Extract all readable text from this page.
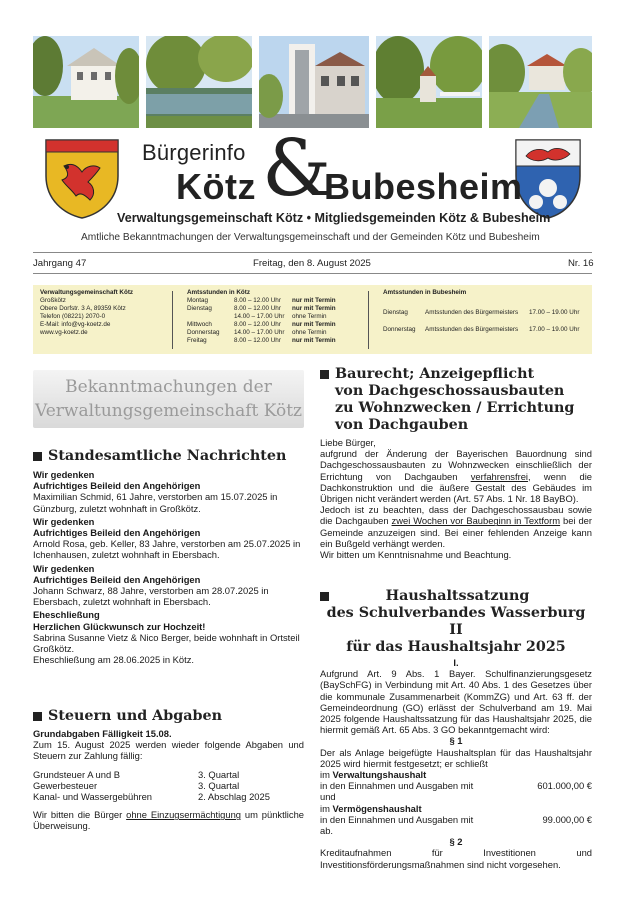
Bürgerinfo
Kötz &
Bubesheim
Verwaltungsgemeinschaft Kötz • Mitgliedsgemeinden Kötz & Bubesheim
Amtliche Bekanntmachungen der Verwaltungsgemeinschaft und der Gemeinden Kötz und Bubesheim
Jahrgang 47	Freitag, den 8. August 2025	Nr. 16
Verwaltungsgemeinschaft Kötz
Großkötz
Obere Dorfstr. 3 A, 89359 Kötz
Telefon (08221) 2070-0
E-Mail: info@vg-koetz.de
www.vg-koetz.de
Amtsstunden in Kötz
Montag	8.00 – 12.00 Uhr	nur mit Termin
Dienstag	8.00 – 12.00 Uhr	nur mit Termin
14.00 – 17.00 Uhr	ohne Termin
Mittwoch	8.00 – 12.00 Uhr	nur mit Termin
Donnerstag	14.00 – 17.00 Uhr	ohne Termin
Freitag	8.00 – 12.00 Uhr	nur mit Termin
Amtsstunden in Bubesheim
Dienstag	Amtsstunden des Bürgermeisters	17.00 – 19.00 Uhr
Donnerstag	Amtsstunden des Bürgermeisters	17.00 – 19.00 Uhr
Bekanntmachungen der
Verwaltungsgemeinschaft Kötz
Standesamtliche Nachrichten
Wir gedenken
Aufrichtiges Beileid den Angehörigen
Maximilian Schmid, 61 Jahre, verstorben am 15.07.2025 in Günzburg, zuletzt wohnhaft in Großkötz.
Wir gedenken
Aufrichtiges Beileid den Angehörigen
Arnold Rosa, geb. Keller, 83 Jahre, verstorben am 25.07.2025 in Ichenhausen, zuletzt wohnhaft in Ebersbach.
Wir gedenken
Aufrichtiges Beileid den Angehörigen
Johann Schwarz, 88 Jahre, verstorben am 28.07.2025 in Ebersbach, zuletzt wohnhaft in Ebersbach.
Eheschließung
Herzlichen Glückwunsch zur Hochzeit!
Sabrina Susanne Vietz & Nico Berger, beide wohnhaft in Ortsteil Großkötz.
Eheschließung am 28.06.2025 in Kötz.
Steuern und Abgaben
Grundabgaben Fälligkeit 15.08.
Zum 15. August 2025 werden wieder folgende Abgaben und Steuern zur Zahlung fällig:
Grundsteuer A und B	3. Quartal
Gewerbesteuer	3. Quartal
Kanal- und Wassergebühren	2. Abschlag 2025
Wir bitten die Bürger ohne Einzugsermächtigung um pünktliche Überweisung.
Baurecht; Anzeigepflicht
von Dachgeschossausbauten
zu Wohnzwecken / Errichtung
von Dachgauben
Liebe Bürger,
aufgrund der Änderung der Bayerischen Bauordnung sind Dachgeschossausbauten zu Wohnzwecken einschließlich der Errichtung von Dachgauben verfahrensfrei, wenn die Dachkonstruktion und die äußere Gestalt des Gebäudes im Übrigen nicht verändert werden (Art. 57 Abs. 1 Nr. 18 BayBO).
Jedoch ist zu beachten, dass der Dachgeschossausbau sowie die Dachgauben zwei Wochen vor Baubeginn in Textform bei der Gemeinde anzuzeigen sind. Bei einer fehlenden Anzeige kann ein Bußgeld verhängt werden.
Wir bitten um Kenntnisnahme und Beachtung.
Haushaltssatzung
des Schulverbandes Wasserburg II
für das Haushaltsjahr 2025
I.
Aufgrund Art. 9 Abs. 1 Bayer. Schulfinanzierungsgesetz (BaySchFG) in Verbindung mit Art. 40 Abs. 1 des Gesetzes über die kommunale Zusammenarbeit (KommZG) und Art. 63 ff. der Gemeindeordnung (GO) erlässt der Schulverband am 19. Mai 2025 folgende Haushaltssatzung für das Haushaltsjahr 2025, die hiermit gemäß Art. 65 Abs. 3 GO bekanntgemacht wird:
§ 1
Der als Anlage beigefügte Haushaltsplan für das Haushaltsjahr 2025 wird hiermit festgesetzt; er schließt
im Verwaltungshaushalt
in den Einnahmen und Ausgaben mit	601.000,00 €
und
im Vermögenshaushalt
in den Einnahmen und Ausgaben mit	99.000,00 €
ab.
§ 2
Kreditaufnahmen für Investitionen und Investitionsförderungsmaßnahmen sind nicht vorgesehen.
